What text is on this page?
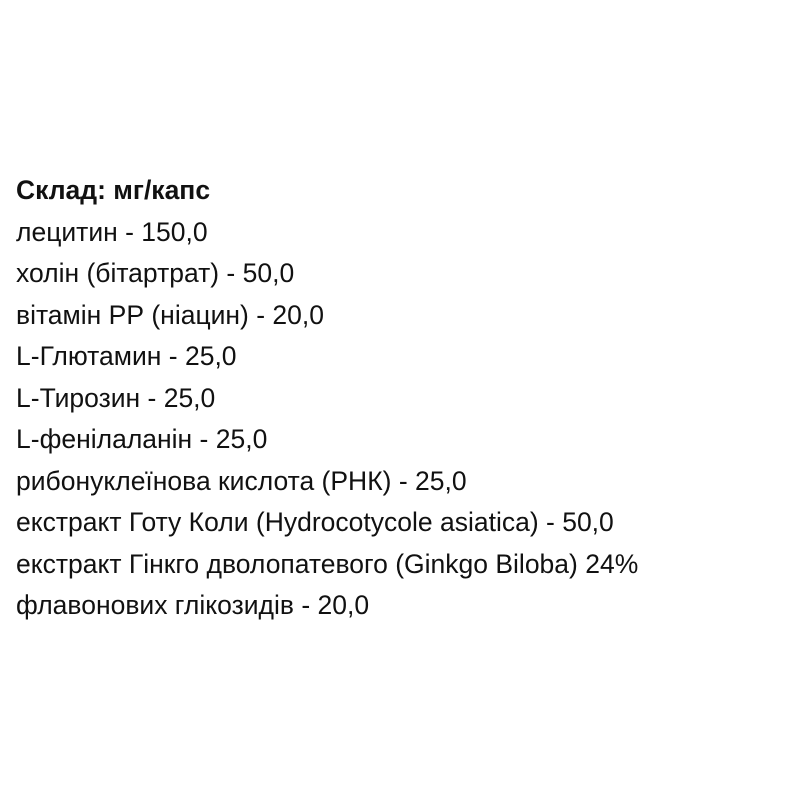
Склад: мг/капс
лецитин - 150,0
холін (бітартрат) - 50,0
вітамін РР (ніацин) - 20,0
L-Глютамин - 25,0
L-Тирозин - 25,0
L-фенілаланін - 25,0
рибонуклеїнова кислота (РНК) - 25,0
екстракт Готу Коли (Hydrocotycole asiatica) - 50,0
екстракт Гінкго дволопатевого (Ginkgo Biloba) 24%
флавонових глікозидів - 20,0
